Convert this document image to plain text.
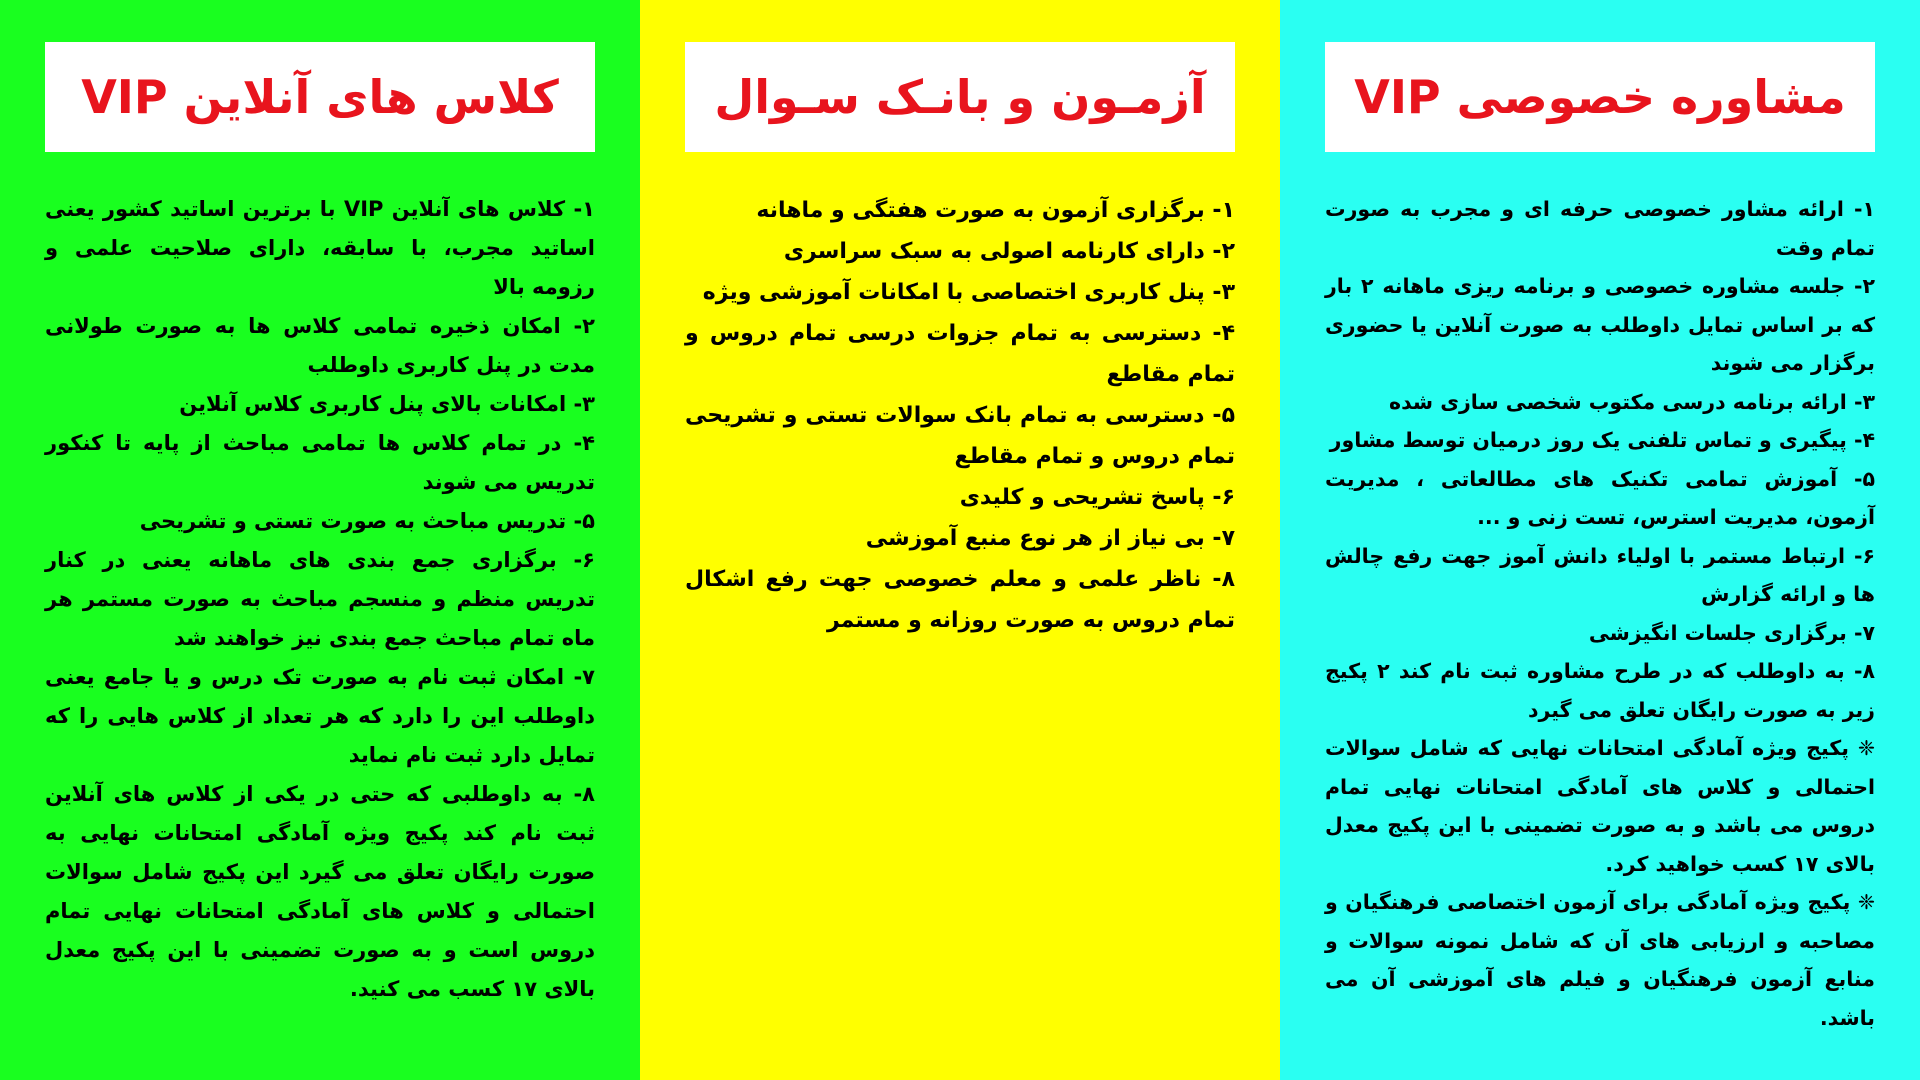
کلاس های آنلاین VIP
۱- کلاس های آنلاین VIP با برترین اساتید کشور یعنی اساتید مجرب، با سابقه، دارای صلاحیت علمی و رزومه بالا
۲- امکان ذخیره تمامی کلاس ها به صورت طولانی مدت در پنل کاربری داوطلب
۳- امکانات بالای پنل کاربری کلاس آنلاین
۴- در تمام کلاس ها تمامی مباحث از پایه تا کنکور تدریس می شوند
۵- تدریس مباحث به صورت تستی و تشریحی
۶- برگزاری جمع بندی های ماهانه یعنی در کنار تدریس منظم و منسجم مباحث به صورت مستمر هر ماه تمام مباحث جمع بندی نیز خواهند شد
۷- امکان ثبت نام به صورت تک درس و یا جامع یعنی داوطلب این را دارد که هر تعداد از کلاس هایی را که تمایل دارد ثبت نام نماید
۸- به داوطلبی که حتی در یکی از کلاس های آنلاین ثبت نام کند پکیج ویژه آمادگی امتحانات نهایی به صورت رایگان تعلق می گیرد این پکیج شامل سوالات احتمالی و کلاس های آمادگی امتحانات نهایی تمام دروس است و به صورت تضمینی با این پکیج معدل بالای ۱۷ کسب می کنید.
آزمـون و بانـک سـوال
۱- برگزاری آزمون به صورت هفتگی و ماهانه
۲- دارای کارنامه اصولی به سبک سراسری
۳- پنل کاربری اختصاصی با امکانات آموزشی ویژه
۴- دسترسی به تمام جزوات درسی تمام دروس و تمام مقاطع
۵- دسترسی به تمام بانک سوالات تستی و تشریحی تمام دروس و تمام مقاطع
۶- پاسخ تشریحی و کلیدی
۷- بی نیاز از هر نوع منبع آموزشی
۸- ناظر علمی و معلم خصوصی جهت رفع اشکال تمام دروس به صورت روزانه و مستمر
مشاوره خصوصی VIP
۱- ارائه مشاور خصوصی حرفه ای و مجرب به صورت تمام وقت
۲- جلسه مشاوره خصوصی و برنامه ریزی ماهانه ۲ بار که بر اساس تمایل داوطلب به صورت آنلاین یا حضوری برگزار می شوند
۳- ارائه برنامه درسی مکتوب شخصی سازی شده
۴- پیگیری و تماس تلفنی یک روز درمیان توسط مشاور
۵- آموزش تمامی تکنیک های مطالعاتی ، مدیریت آزمون، مدیریت استرس، تست زنی و ...
۶- ارتباط مستمر با اولیاء دانش آموز جهت رفع چالش ها و ارائه گزارش
۷- برگزاری جلسات انگیزشی
۸- به داوطلب که در طرح مشاوره ثبت نام کند ۲ پکیج زیر به صورت رایگان تعلق می گیرد
❈ پکیج ویژه آمادگی امتحانات نهایی که شامل سوالات احتمالی و کلاس های آمادگی امتحانات نهایی تمام دروس می باشد و به صورت تضمینی با این پکیج معدل بالای ۱۷ کسب خواهید کرد.
❈ پکیج ویژه آمادگی برای آزمون اختصاصی فرهنگیان و مصاحبه و ارزیابی های آن که شامل نمونه سوالات و منابع آزمون فرهنگیان و فیلم های آموزشی آن می باشد.
